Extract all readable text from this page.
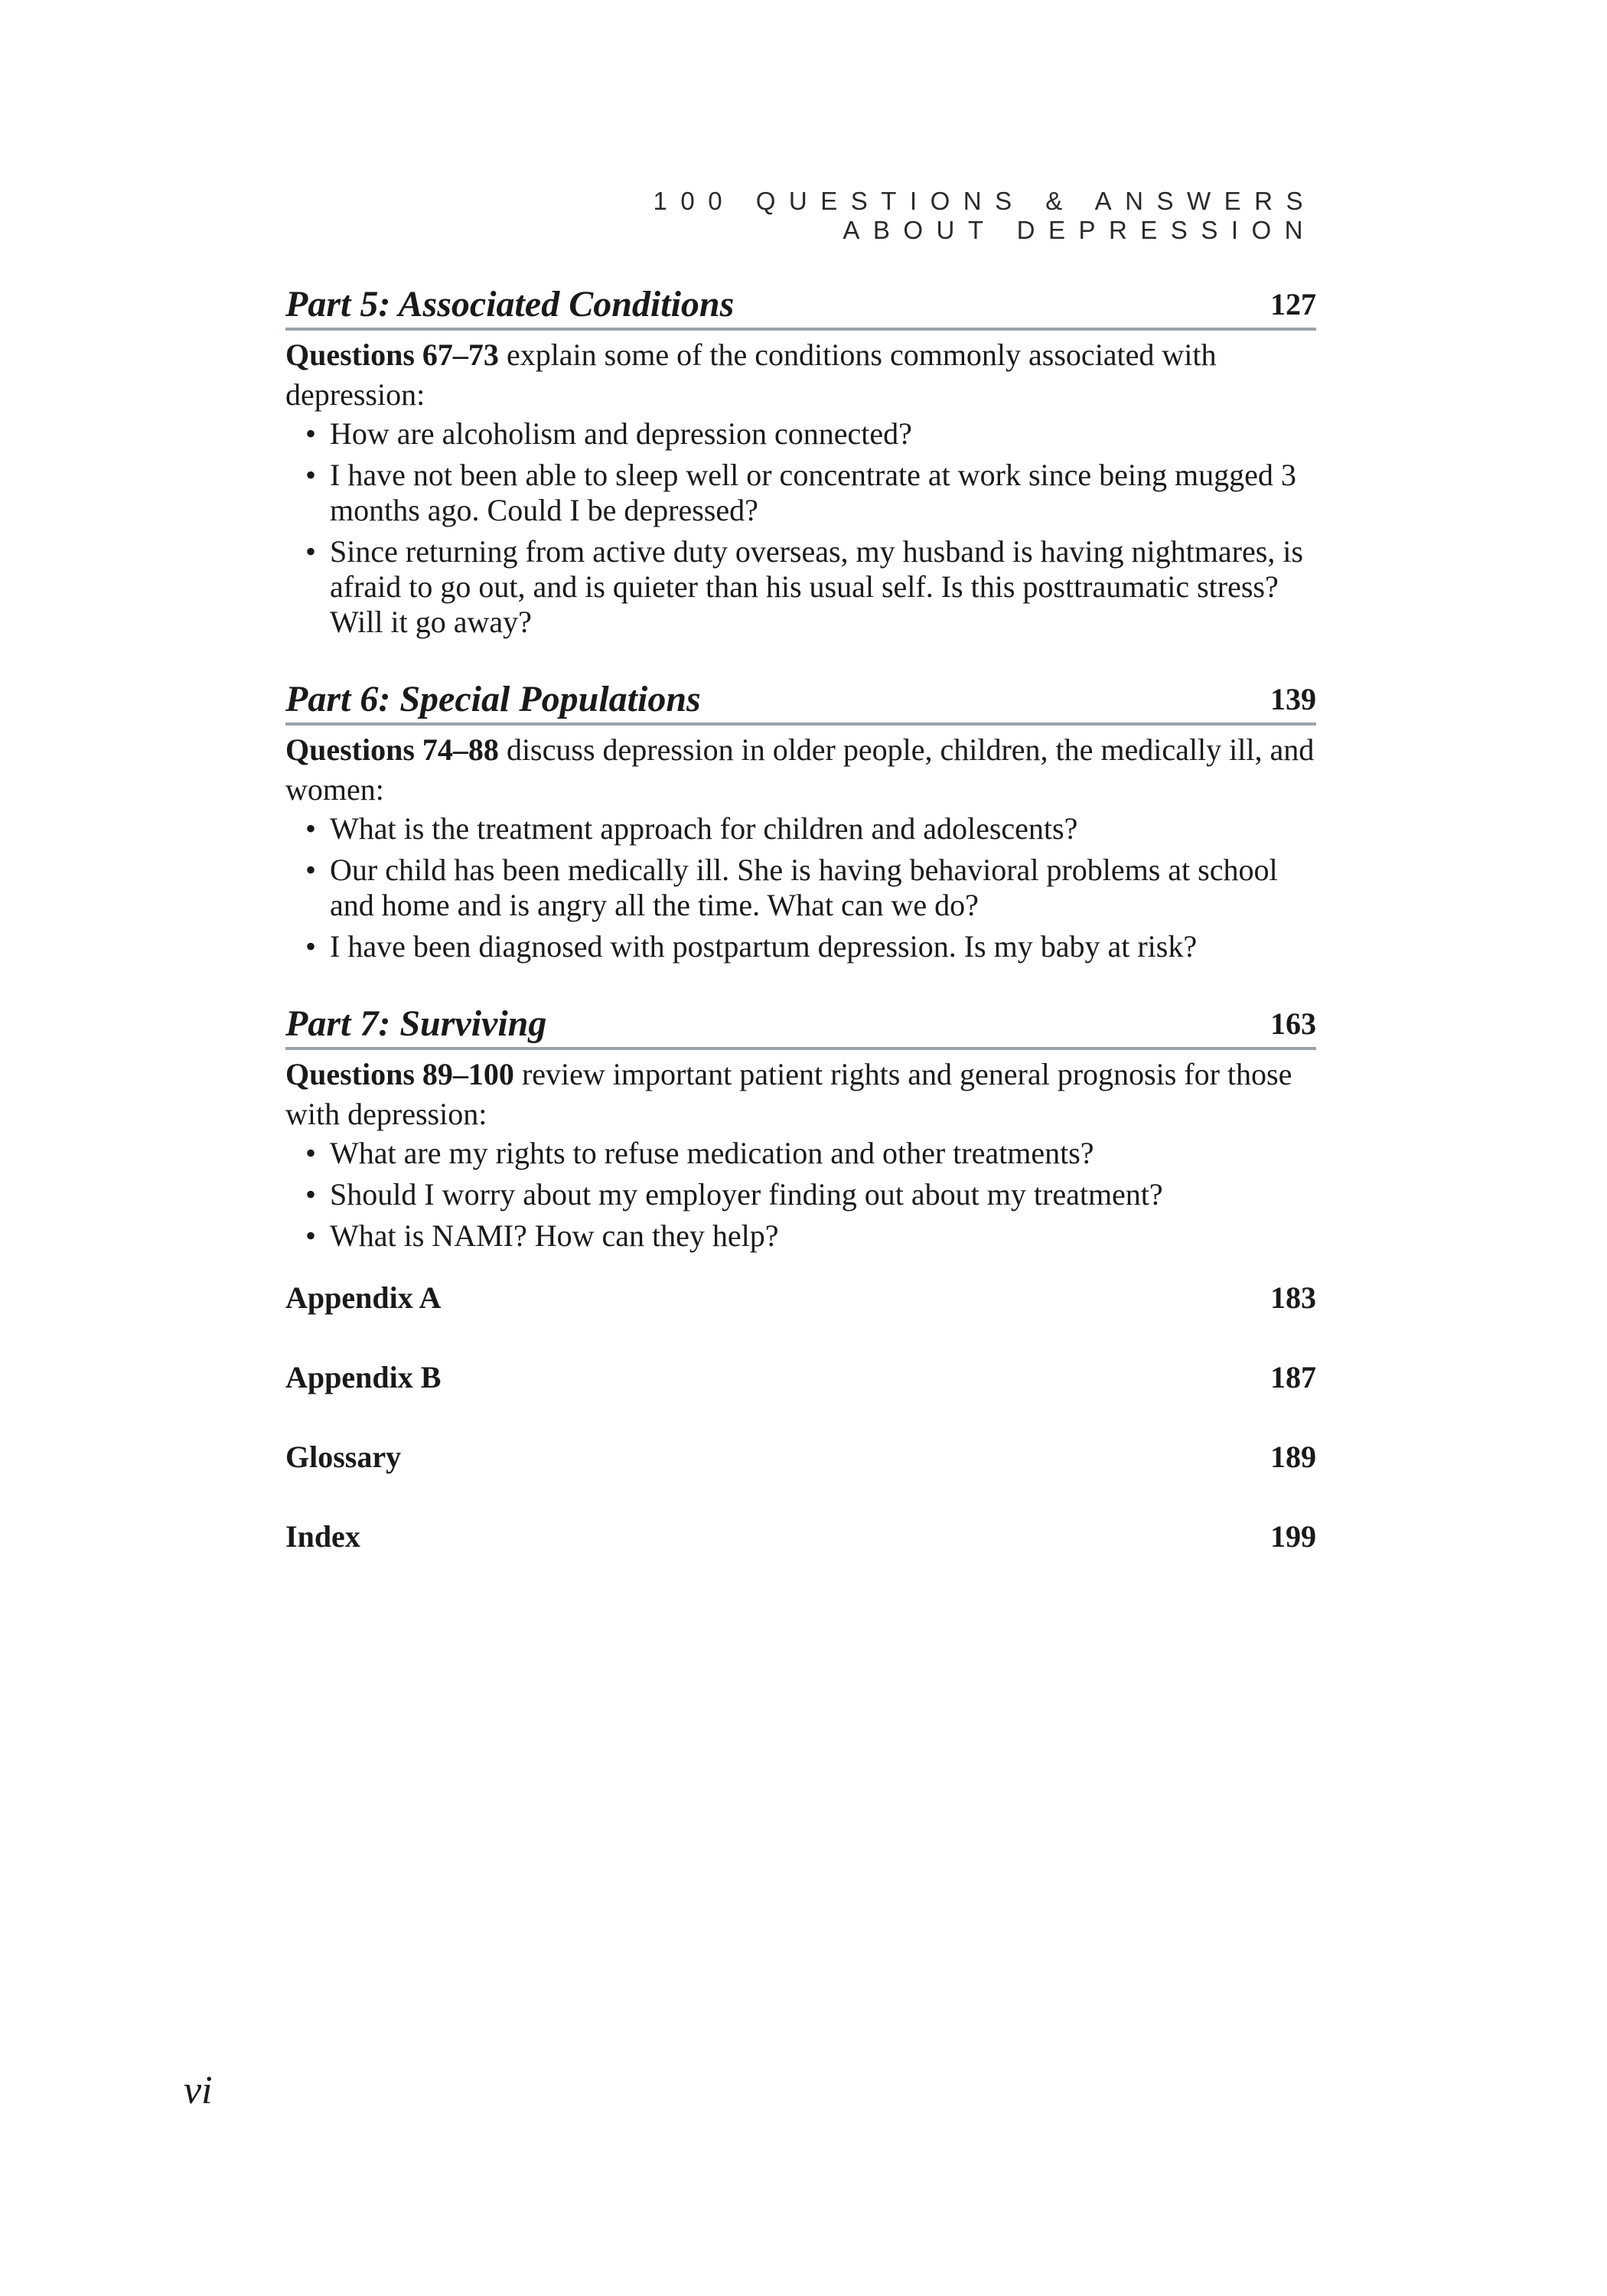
100 QUESTIONS & ANSWERS ABOUT DEPRESSION
Part 5: Associated Conditions	127
Questions 67–73 explain some of the conditions commonly associated with depression:
• How are alcoholism and depression connected?
• I have not been able to sleep well or concentrate at work since being mugged 3 months ago. Could I be depressed?
• Since returning from active duty overseas, my husband is having nightmares, is afraid to go out, and is quieter than his usual self. Is this posttraumatic stress? Will it go away?
Part 6: Special Populations	139
Questions 74–88 discuss depression in older people, children, the medically ill, and women:
• What is the treatment approach for children and adolescents?
• Our child has been medically ill. She is having behavioral problems at school and home and is angry all the time. What can we do?
• I have been diagnosed with postpartum depression. Is my baby at risk?
Part 7: Surviving	163
Questions 89–100 review important patient rights and general prognosis for those with depression:
• What are my rights to refuse medication and other treatments?
• Should I worry about my employer finding out about my treatment?
• What is NAMI? How can they help?
Appendix A	183
Appendix B	187
Glossary	189
Index	199
vi
